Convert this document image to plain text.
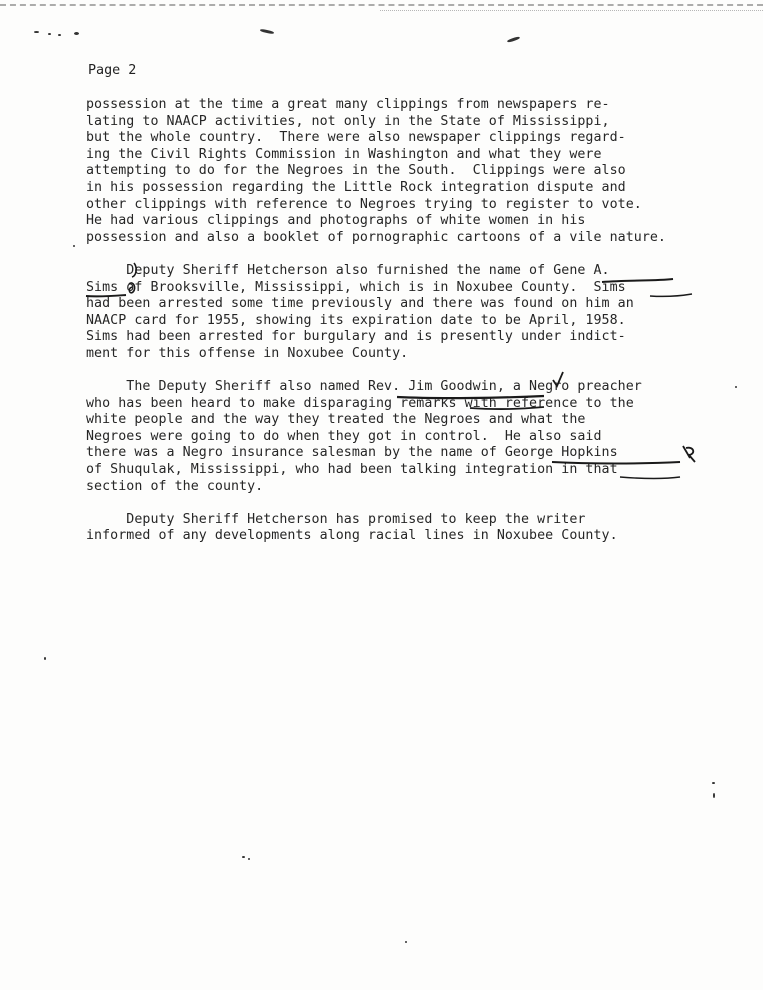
Page 2
possession at the time a great many clippings from newspapers re-
lating to NAACP activities, not only in the State of Mississippi,
but the whole country.  There were also newspaper clippings regard-
ing the Civil Rights Commission in Washington and what they were
attempting to do for the Negroes in the South.  Clippings were also
in his possession regarding the Little Rock integration dispute and
other clippings with reference to Negroes trying to register to vote.
He had various clippings and photographs of white women in his
possession and also a booklet of pornographic cartoons of a vile nature.
Deputy Sheriff Hetcherson also furnished the name of Gene A.
Sims of Brooksville, Mississippi, which is in Noxubee County.  Sims
had been arrested some time previously and there was found on him an
NAACP card for 1955, showing its expiration date to be April, 1958.
Sims had been arrested for burgulary and is presently under indict-
ment for this offense in Noxubee County.
The Deputy Sheriff also named Rev. Jim Goodwin, a Negro preacher
who has been heard to make disparaging remarks with reference to the
white people and the way they treated the Negroes and what the
Negroes were going to do when they got in control.  He also said
there was a Negro insurance salesman by the name of George Hopkins
of Shuqulak, Mississippi, who had been talking integration in that
section of the county.
Deputy Sheriff Hetcherson has promised to keep the writer
informed of any developments along racial lines in Noxubee County.
